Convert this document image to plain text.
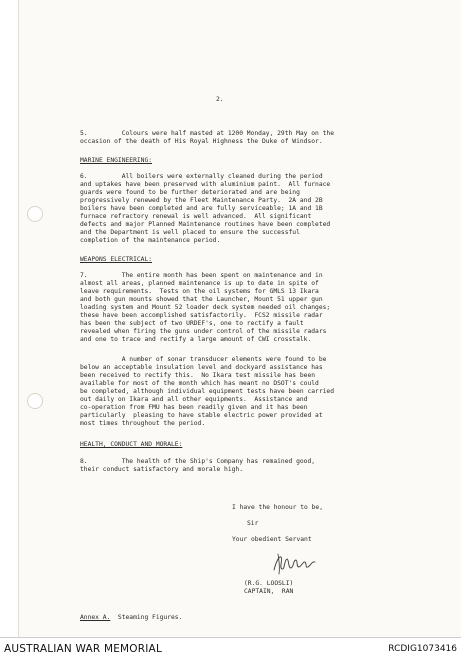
2.

5.         Colours were half masted at 1200 Monday, 29th May on the

occasion of the death of His Royal Highness the Duke of Windsor.

MARINE ENGINEERING:

6.         All boilers were externally cleaned during the period

and uptakes have been preserved with aluminium paint.  All furnace

guards were found to be further deteriorated and are being

progressively renewed by the Fleet Maintenance Party.  2A and 2B

boilers have been completed and are fully serviceable; 1A and 1B

furnace refractory renewal is well advanced.  All significant

defects and major Planned Maintenance routines have been completed

and the Department is well placed to ensure the successful

completion of the maintenance period.

WEAPONS ELECTRICAL:

7.         The entire month has been spent on maintenance and in

almost all areas, planned maintenance is up to date in spite of

leave requirements.  Tests on the oil systems for GMLS 13 Ikara

and both gun mounts showed that the Launcher, Mount 51 upper gun

loading system and Mount 52 loader deck system needed oil changes;

these have been accomplished satisfactorily.  FCS2 missile radar

has been the subject of two URDEF's, one to rectify a fault

revealed when firing the guns under control of the missile radars

and one to trace and rectify a large amount of CWI crosstalk.

A number of sonar transducer elements were found to be

below an acceptable insulation level and dockyard assistance has

been received to rectify this.  No Ikara test missile has been

available for most of the month which has meant no DSOT's could

be completed, although individual equipment tests have been carried

out daily on Ikara and all other equipments.  Assistance and

co-operation from FMU has been readily given and it has been

particularly  pleasing to have stable electric power provided at

most times throughout the period.

HEALTH, CONDUCT AND MORALE:

8.         The health of the Ship's Company has remained good,

their conduct satisfactory and morale high.

I have the honour to be,

Sir

Your obedient Servant

(R.G. LOOSLI)

CAPTAIN,  RAN

Annex A.  Steaming Figures.

AUSTRALIAN WAR MEMORIAL	RCDIG1073416
